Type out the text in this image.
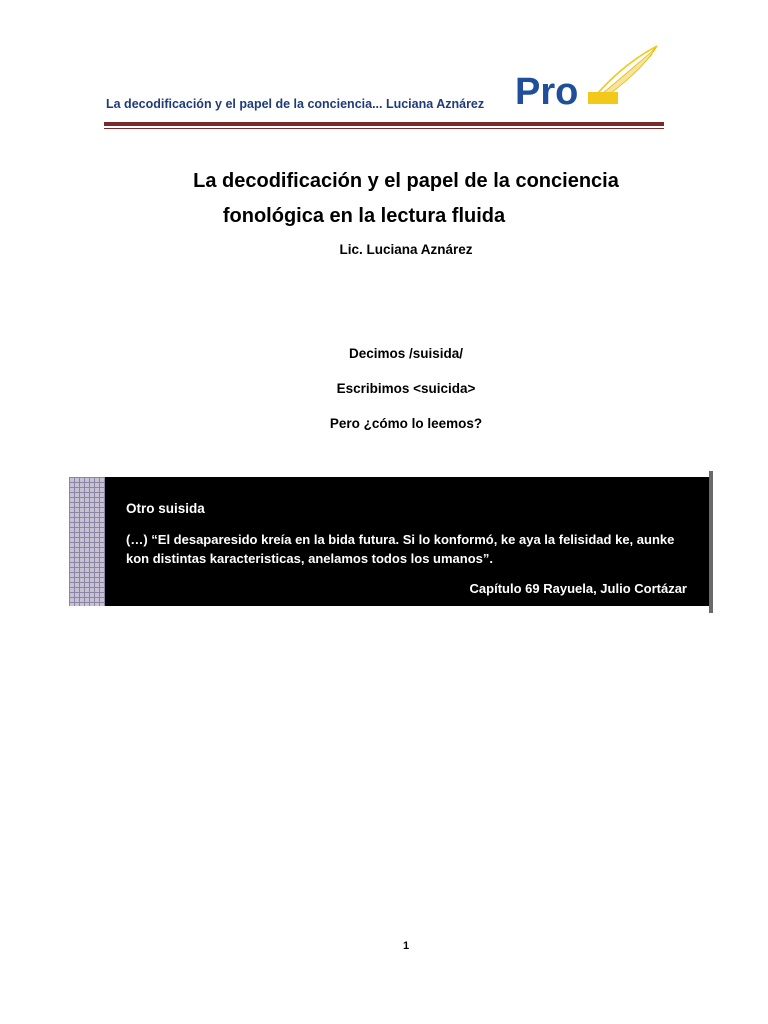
La decodificación y el papel de la conciencia... Luciana Aznárez Pro
La decodificación y el papel de la conciencia
fonológica en la lectura fluida
Lic. Luciana Aznárez
Decimos /suisida/
Escribimos <suicida>
Pero ¿cómo lo leemos?
Otro suisida

(…) “El desaparesido kreía en la bida futura. Si lo konformó, ke aya la felisidad ke, aunke kon distintas karacteristicas, anelamos todos los umanos”.

Capítulo 69 Rayuela, Julio Cortázar
1
